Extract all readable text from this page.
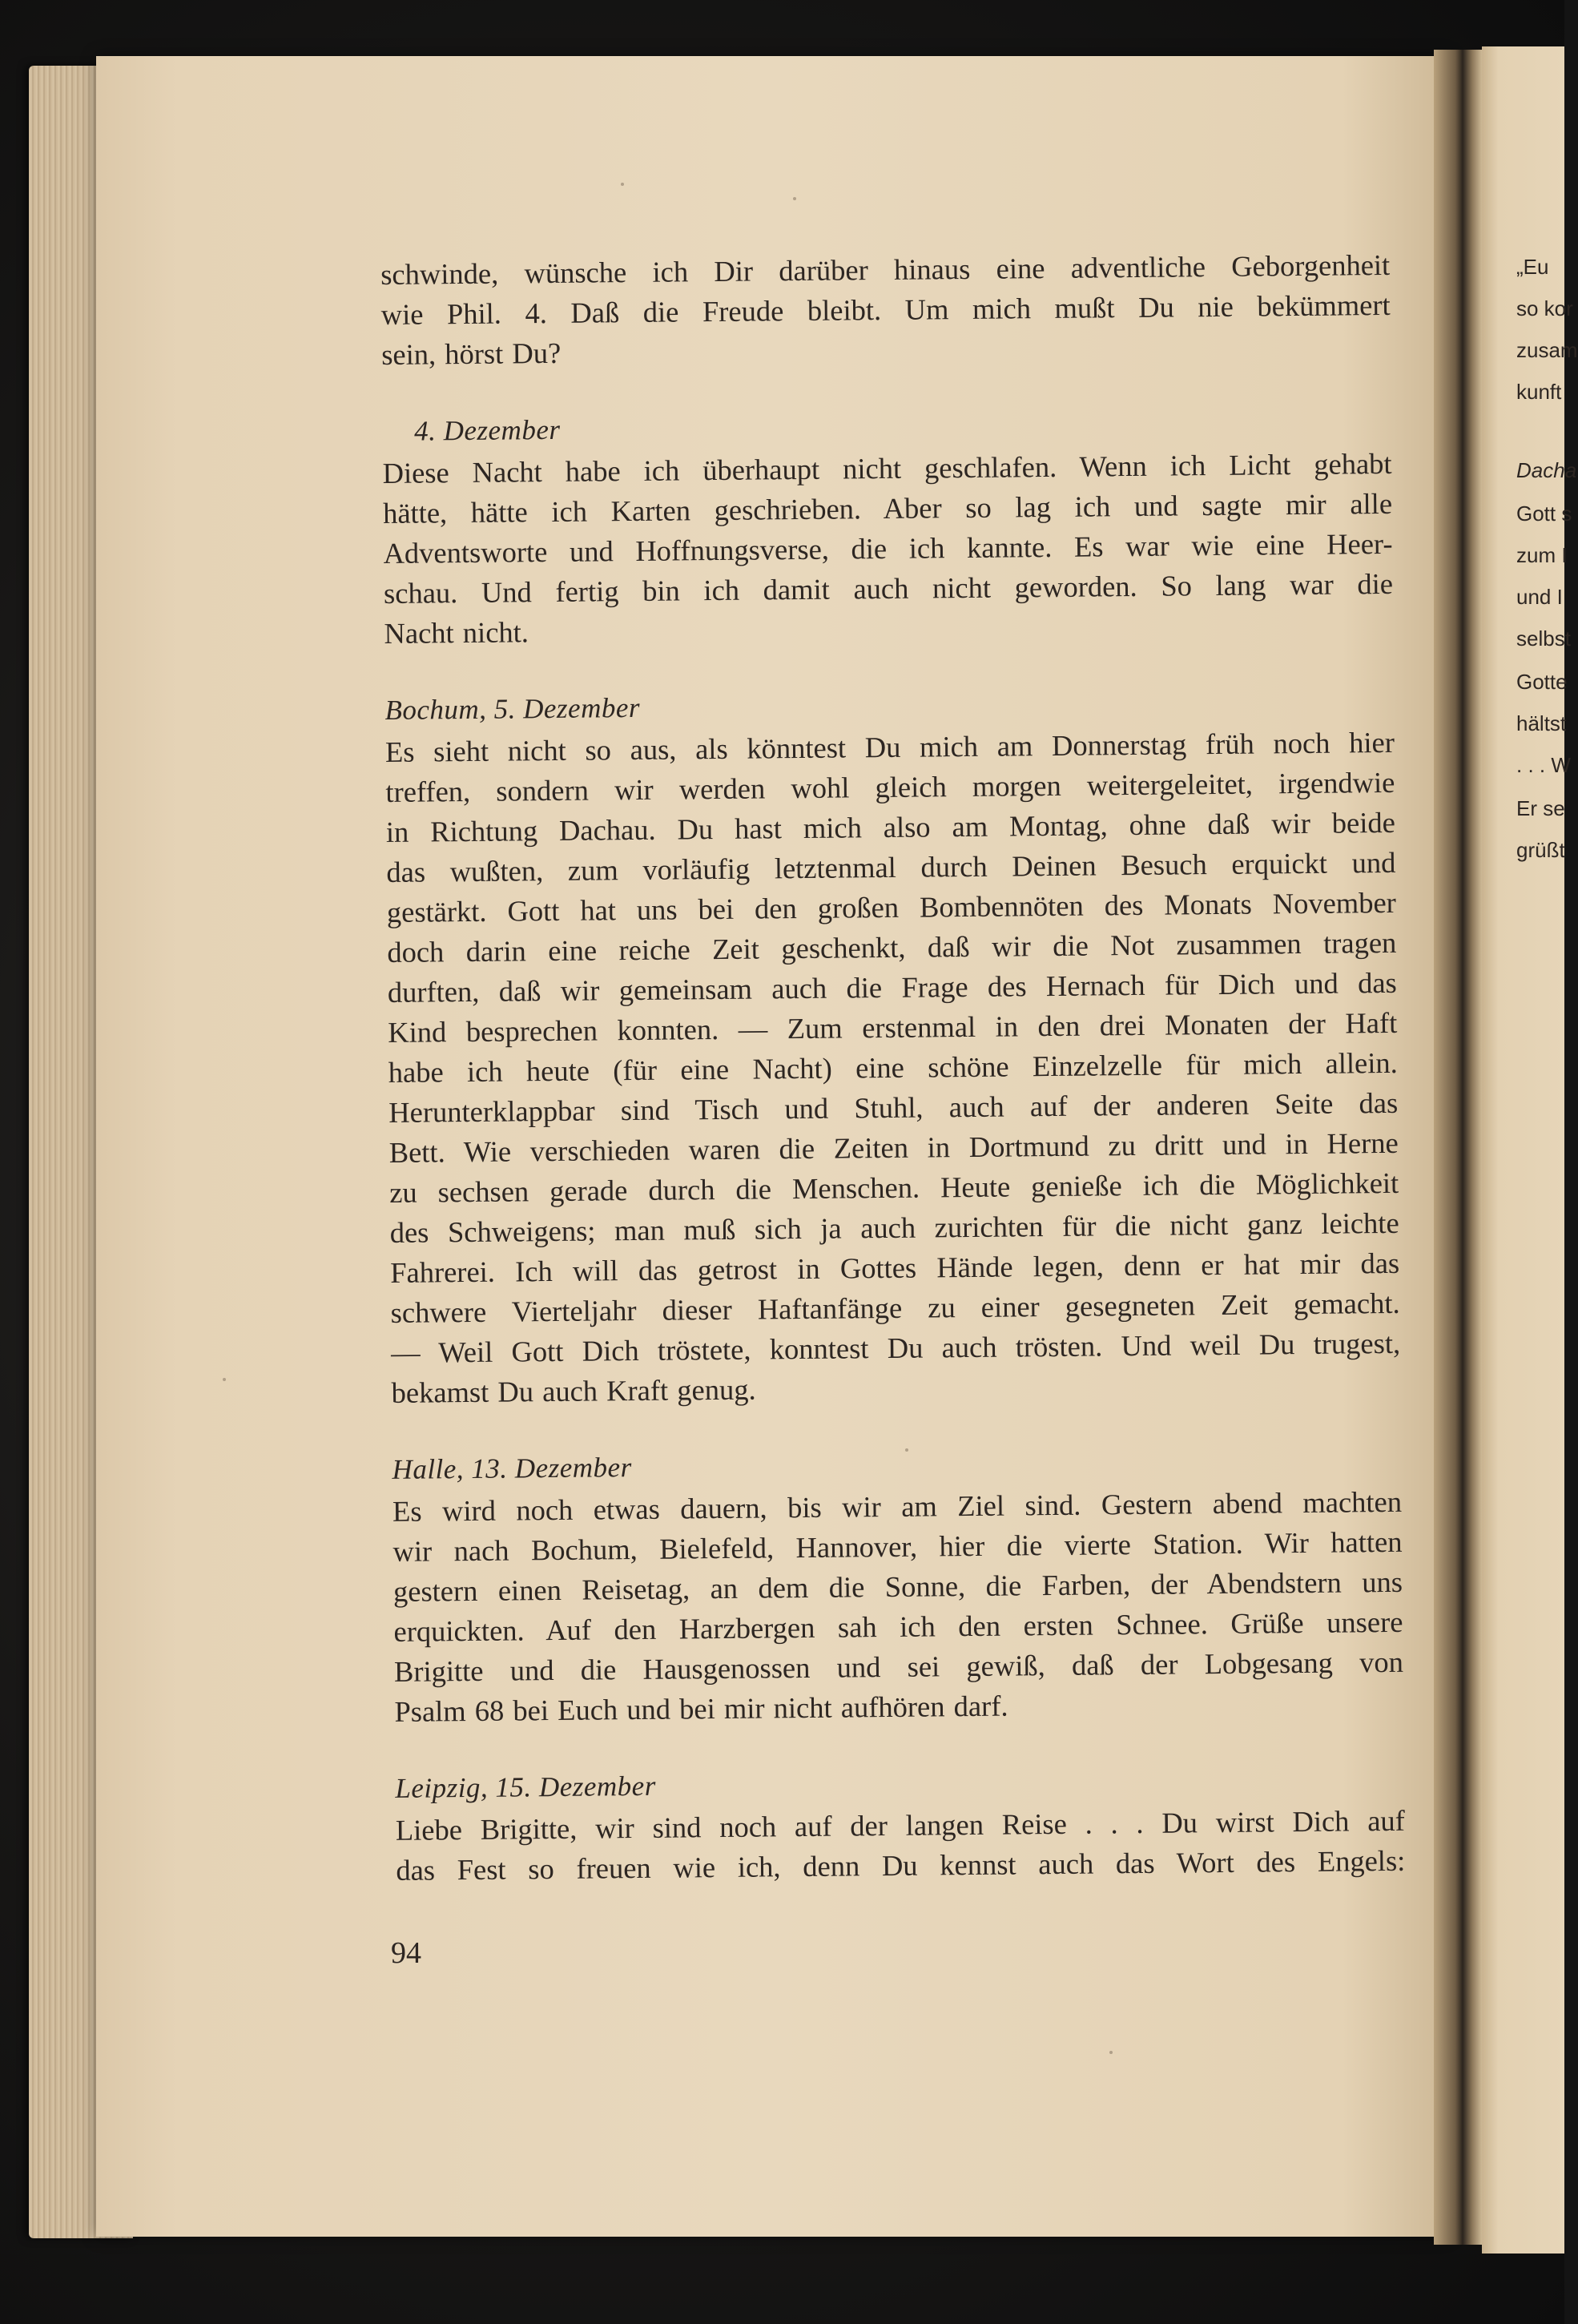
schwinde, wünsche ich Dir darüber hinaus eine adventliche Geborgenheit
wie Phil. 4. Daß die Freude bleibt. Um mich mußt Du nie bekümmert
sein, hörst Du?

4. Dezember

Diese Nacht habe ich überhaupt nicht geschlafen. Wenn ich Licht gehabt
hätte, hätte ich Karten geschrieben. Aber so lag ich und sagte mir alle
Adventsworte und Hoffnungsverse, die ich kannte. Es war wie eine Heer-
schau. Und fertig bin ich damit auch nicht geworden. So lang war die
Nacht nicht.

Bochum, 5. Dezember

Es sieht nicht so aus, als könntest Du mich am Donnerstag früh noch hier
treffen, sondern wir werden wohl gleich morgen weitergeleitet, irgendwie
in Richtung Dachau. Du hast mich also am Montag, ohne daß wir beide
das wußten, zum vorläufig letztenmal durch Deinen Besuch erquickt und
gestärkt. Gott hat uns bei den großen Bombennöten des Monats November
doch darin eine reiche Zeit geschenkt, daß wir die Not zusammen tragen
durften, daß wir gemeinsam auch die Frage des Hernach für Dich und das
Kind besprechen konnten. — Zum erstenmal in den drei Monaten der Haft
habe ich heute (für eine Nacht) eine schöne Einzelzelle für mich allein.
Herunterklappbar sind Tisch und Stuhl, auch auf der anderen Seite das
Bett. Wie verschieden waren die Zeiten in Dortmund zu dritt und in Herne
zu sechsen gerade durch die Menschen. Heute genieße ich die Möglichkeit
des Schweigens; man muß sich ja auch zurichten für die nicht ganz leichte
Fahrerei. Ich will das getrost in Gottes Hände legen, denn er hat mir das
schwere Vierteljahr dieser Haftanfänge zu einer gesegneten Zeit gemacht.
— Weil Gott Dich tröstete, konntest Du auch trösten. Und weil Du trugest,
bekamst Du auch Kraft genug.

Halle, 13. Dezember

Es wird noch etwas dauern, bis wir am Ziel sind. Gestern abend machten
wir nach Bochum, Bielefeld, Hannover, hier die vierte Station. Wir hatten
gestern einen Reisetag, an dem die Sonne, die Farben, der Abendstern uns
erquickten. Auf den Harzbergen sah ich den ersten Schnee. Grüße unsere
Brigitte und die Hausgenossen und sei gewiß, daß der Lobgesang von
Psalm 68 bei Euch und bei mir nicht aufhören darf.

Leipzig, 15. Dezember

Liebe Brigitte, wir sind noch auf der langen Reise . . . Du wirst Dich auf
das Fest so freuen wie ich, denn Du kennst auch das Wort des Engels:

94
„Eu
so kor
zusam
kunft
Dacha
Gott s
zum I
und I
selbst
Gotte
hältst
. . . W
Er se
grüßt
